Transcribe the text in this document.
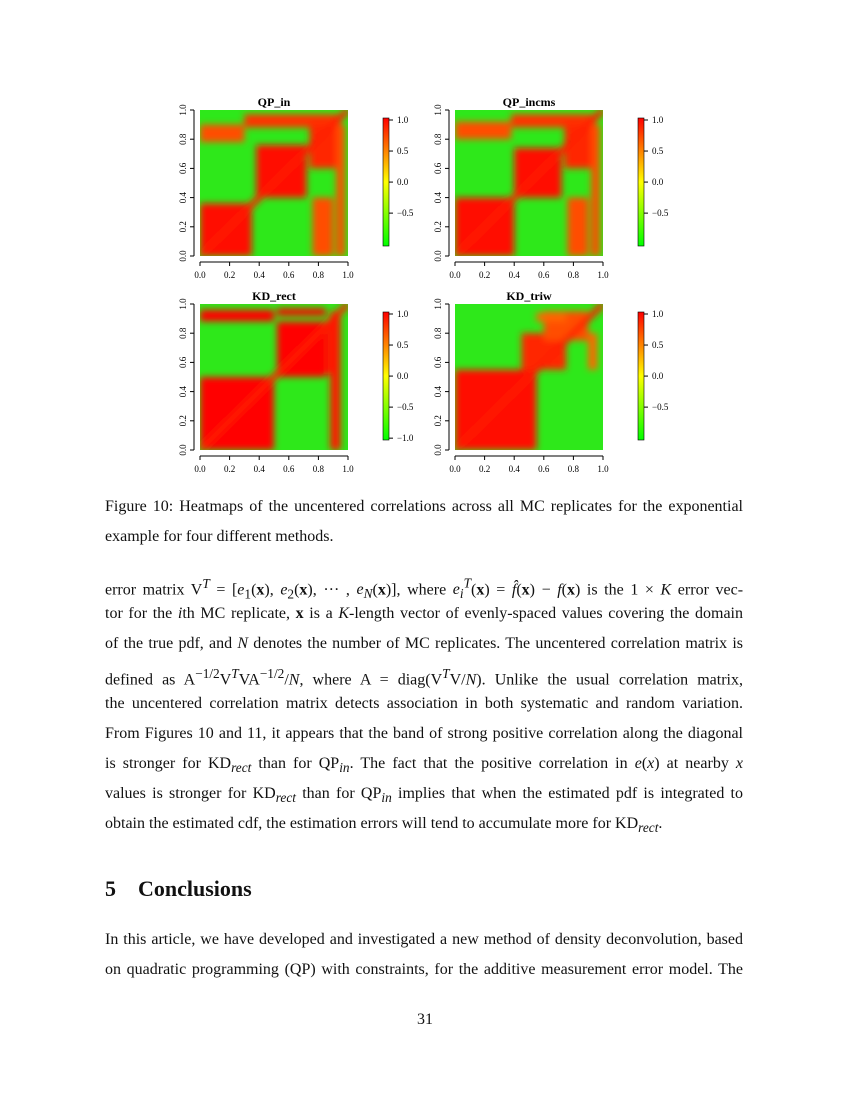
QP_in
0.0 0.2 0.4 0.6 0.8 1.0
0.0
0.2
0.4
0.6
0.8
1.0
1.0
0.5
0.0
−0.5
QP_incms
0.0 0.2 0.4 0.6 0.8 1.0
0.0
0.2
0.4
0.6
0.8
1.0
1.0
0.5
0.0
−0.5
KD_rect
0.0 0.2 0.4 0.6 0.8 1.0
0.0
0.2
0.4
0.6
0.8
1.0
1.0
0.5
0.0
−0.5
−1.0
KD_triw
0.0 0.2 0.4 0.6 0.8 1.0
0.0
0.2
0.4
0.6
0.8
1.0
1.0
0.5
0.0
−0.5
Figure 10: Heatmaps of the uncentered correlations across all MC replicates for the exponential
example for four different methods.
error matrix $V^T = [e_1(x)$, $e_2(x)$, ··· , $e_N(x)$], where $e_i^T(x)$ = f̂(x) − f(x) is the 1 × K error vec-
tor for the ith MC replicate, x is a K-length vector of evenly-spaced values covering the domain
of the true pdf, and N denotes the number of MC replicates. The uncentered correlation matrix is
defined as $A^{-1/2}V^TVA^{-1/2}/N$, where $A = diag(V^TV/N)$. Unlike the usual correlation matrix,
the uncentered correlation matrix detects association in both systematic and random variation.
From Figures 10 and 11, it appears that the band of strong positive correlation along the diagonal
is stronger for $KD_{rect}$ than for $QP_{in}$. The fact that the positive correlation in e(x) at nearby x
values is stronger for $KD_{rect}$ than for $QP_{in}$ implies that when the estimated pdf is integrated to
obtain the estimated cdf, the estimation errors will tend to accumulate more for $KD_{rect}$.
5 Conclusions
In this article, we have developed and investigated a new method of density deconvolution, based
on quadratic programming (QP) with constraints, for the additive measurement error model. The
31
